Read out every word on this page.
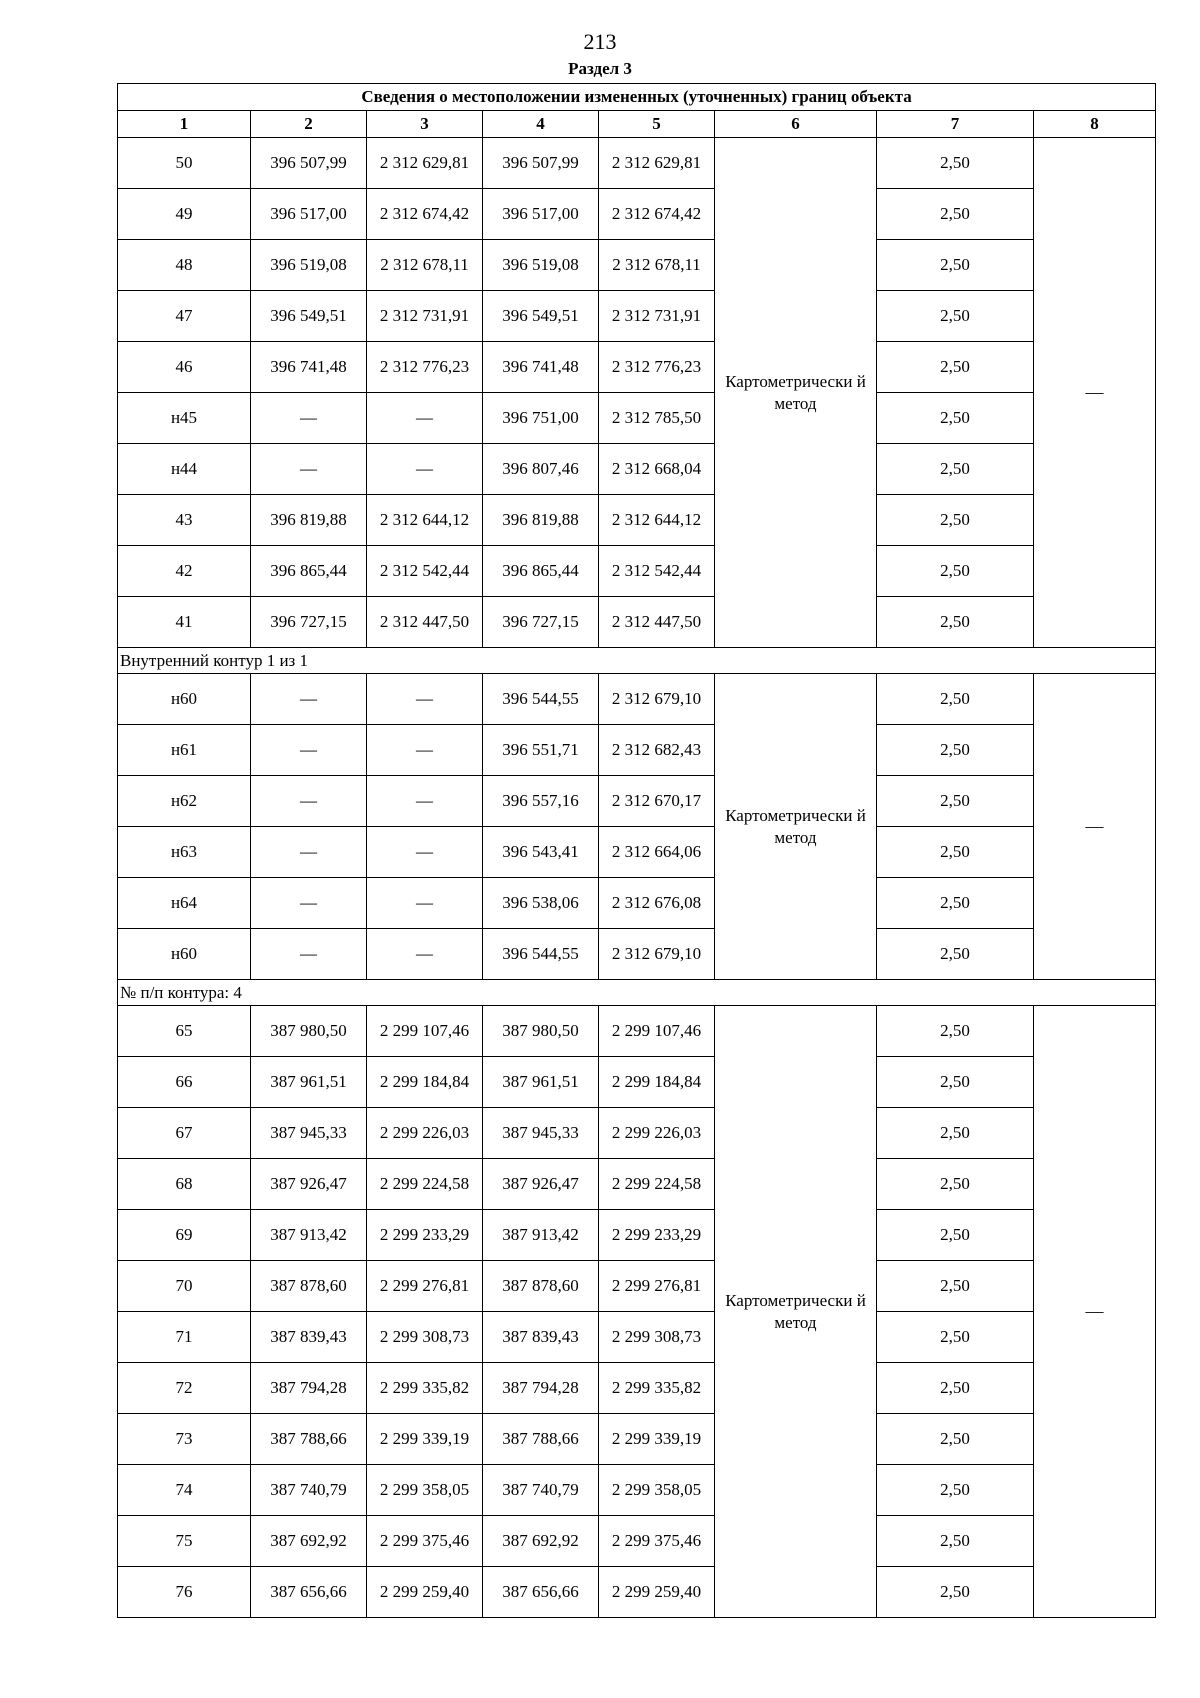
213
Раздел 3
Сведения о местоположении измененных (уточненных) границ объекта							
1	2	3	4	5	6	7	8
50	396 507,99	2 312 629,81	396 507,99	2 312 629,81	Картометрически й метод	2,50	—
49	396 517,00	2 312 674,42	396 517,00	2 312 674,42		2,50	
48	396 519,08	2 312 678,11	396 519,08	2 312 678,11		2,50	
47	396 549,51	2 312 731,91	396 549,51	2 312 731,91		2,50	
46	396 741,48	2 312 776,23	396 741,48	2 312 776,23		2,50	
н45	—	—	396 751,00	2 312 785,50		2,50	
н44	—	—	396 807,46	2 312 668,04		2,50	
43	396 819,88	2 312 644,12	396 819,88	2 312 644,12		2,50	
42	396 865,44	2 312 542,44	396 865,44	2 312 542,44		2,50	
41	396 727,15	2 312 447,50	396 727,15	2 312 447,50		2,50	
Внутренний контур 1 из 1							
н60	—	—	396 544,55	2 312 679,10	Картометрически й метод	2,50	—
н61	—	—	396 551,71	2 312 682,43		2,50	
н62	—	—	396 557,16	2 312 670,17		2,50	
н63	—	—	396 543,41	2 312 664,06		2,50	
н64	—	—	396 538,06	2 312 676,08		2,50	
н60	—	—	396 544,55	2 312 679,10		2,50	
№ п/п контура: 4							
65	387 980,50	2 299 107,46	387 980,50	2 299 107,46	Картометрически й метод	2,50	—
66	387 961,51	2 299 184,84	387 961,51	2 299 184,84		2,50	
67	387 945,33	2 299 226,03	387 945,33	2 299 226,03		2,50	
68	387 926,47	2 299 224,58	387 926,47	2 299 224,58		2,50	
69	387 913,42	2 299 233,29	387 913,42	2 299 233,29		2,50	
70	387 878,60	2 299 276,81	387 878,60	2 299 276,81		2,50	
71	387 839,43	2 299 308,73	387 839,43	2 299 308,73		2,50	
72	387 794,28	2 299 335,82	387 794,28	2 299 335,82		2,50	
73	387 788,66	2 299 339,19	387 788,66	2 299 339,19		2,50	
74	387 740,79	2 299 358,05	387 740,79	2 299 358,05		2,50	
75	387 692,92	2 299 375,46	387 692,92	2 299 375,46		2,50	
76	387 656,66	2 299 259,40	387 656,66	2 299 259,40		2,50	
